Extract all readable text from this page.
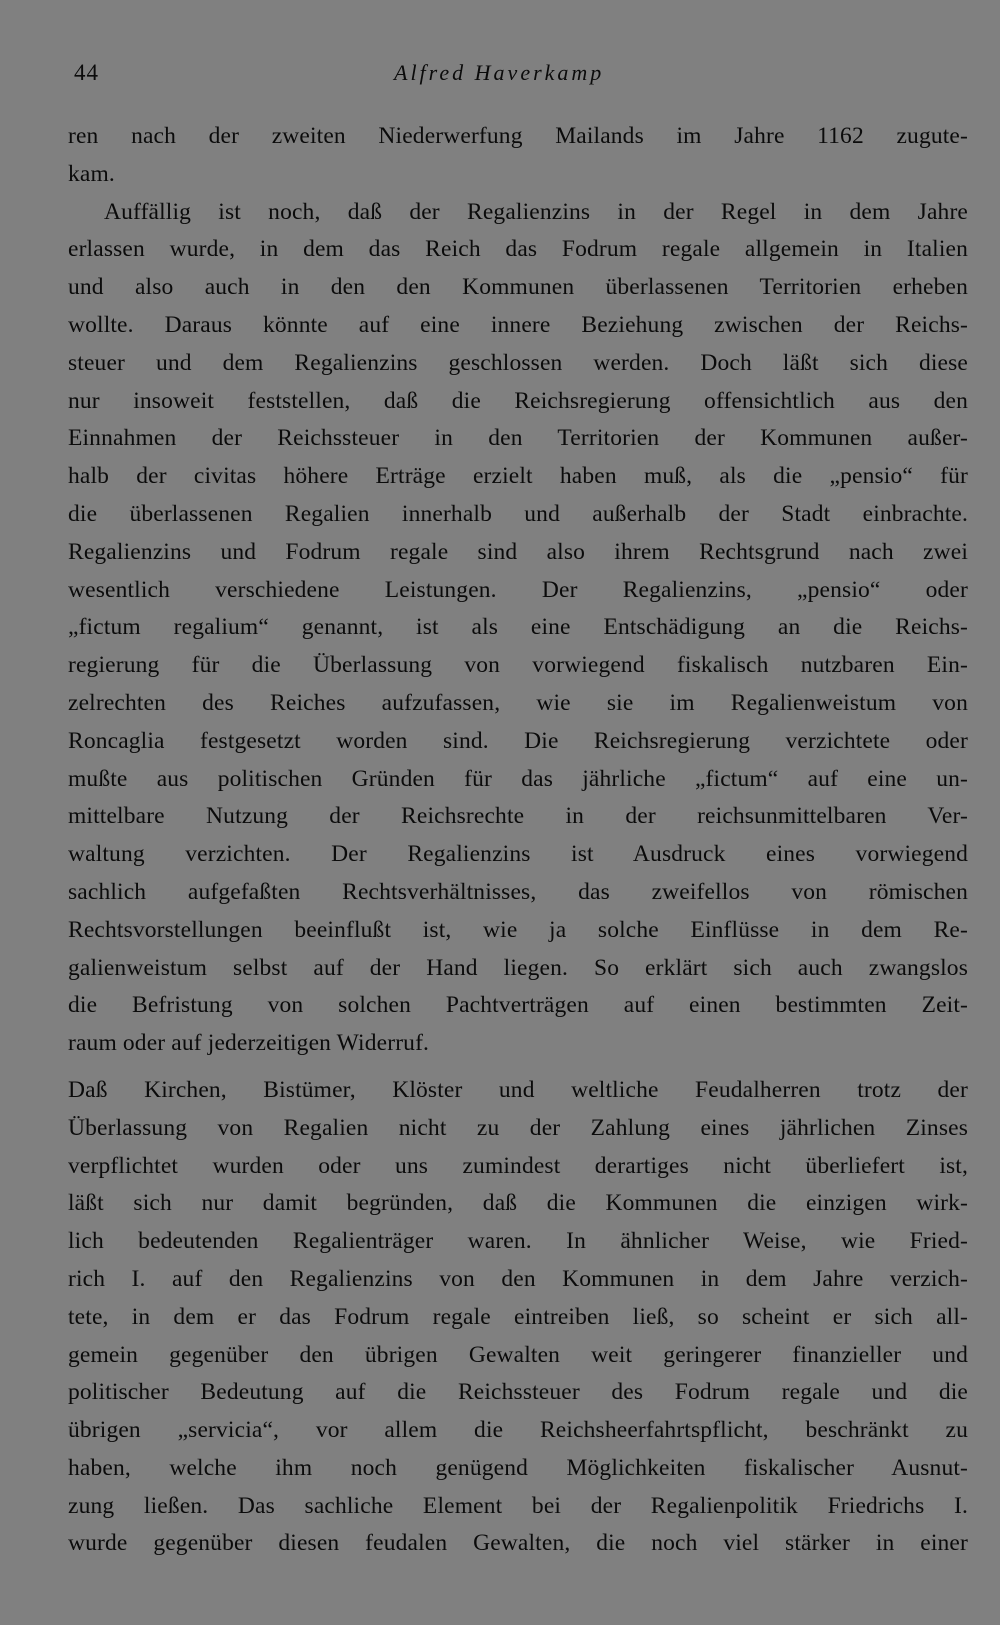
44	Alfred Haverkamp
ren nach der zweiten Niederwerfung Mailands im Jahre 1162 zugute-
kam.
Auffällig ist noch, daß der Regalienzins in der Regel in dem Jahre
erlassen wurde, in dem das Reich das Fodrum regale allgemein in Italien
und also auch in den den Kommunen überlassenen Territorien erheben
wollte. Daraus könnte auf eine innere Beziehung zwischen der Reichs-
steuer und dem Regalienzins geschlossen werden. Doch läßt sich diese
nur insoweit feststellen, daß die Reichsregierung offensichtlich aus den
Einnahmen der Reichssteuer in den Territorien der Kommunen außer-
halb der civitas höhere Erträge erzielt haben muß, als die „pensio“ für
die überlassenen Regalien innerhalb und außerhalb der Stadt einbrachte.
Regalienzins und Fodrum regale sind also ihrem Rechtsgrund nach zwei
wesentlich verschiedene Leistungen. Der Regalienzins, „pensio“ oder
„fictum regalium“ genannt, ist als eine Entschädigung an die Reichs-
regierung für die Überlassung von vorwiegend fiskalisch nutzbaren Ein-
zelrechten des Reiches aufzufassen, wie sie im Regalienweistum von
Roncaglia festgesetzt worden sind. Die Reichsregierung verzichtete oder
mußte aus politischen Gründen für das jährliche „fictum“ auf eine un-
mittelbare Nutzung der Reichsrechte in der reichsunmittelbaren Ver-
waltung verzichten. Der Regalienzins ist Ausdruck eines vorwiegend
sachlich aufgefaßten Rechtsverhältnisses, das zweifellos von römischen
Rechtsvorstellungen beeinflußt ist, wie ja solche Einflüsse in dem Re-
galienweistum selbst auf der Hand liegen. So erklärt sich auch zwangslos
die Befristung von solchen Pachtverträgen auf einen bestimmten Zeit-
raum oder auf jederzeitigen Widerruf.
Daß Kirchen, Bistümer, Klöster und weltliche Feudalherren trotz der
Überlassung von Regalien nicht zu der Zahlung eines jährlichen Zinses
verpflichtet wurden oder uns zumindest derartiges nicht überliefert ist,
läßt sich nur damit begründen, daß die Kommunen die einzigen wirk-
lich bedeutenden Regalienträger waren. In ähnlicher Weise, wie Fried-
rich I. auf den Regalienzins von den Kommunen in dem Jahre verzich-
tete, in dem er das Fodrum regale eintreiben ließ, so scheint er sich all-
gemein gegenüber den übrigen Gewalten weit geringerer finanzieller und
politischer Bedeutung auf die Reichssteuer des Fodrum regale und die
übrigen „servicia“, vor allem die Reichsheerfahrtspflicht, beschränkt zu
haben, welche ihm noch genügend Möglichkeiten fiskalischer Ausnut-
zung ließen. Das sachliche Element bei der Regalienpolitik Friedrichs I.
wurde gegenüber diesen feudalen Gewalten, die noch viel stärker in einer
